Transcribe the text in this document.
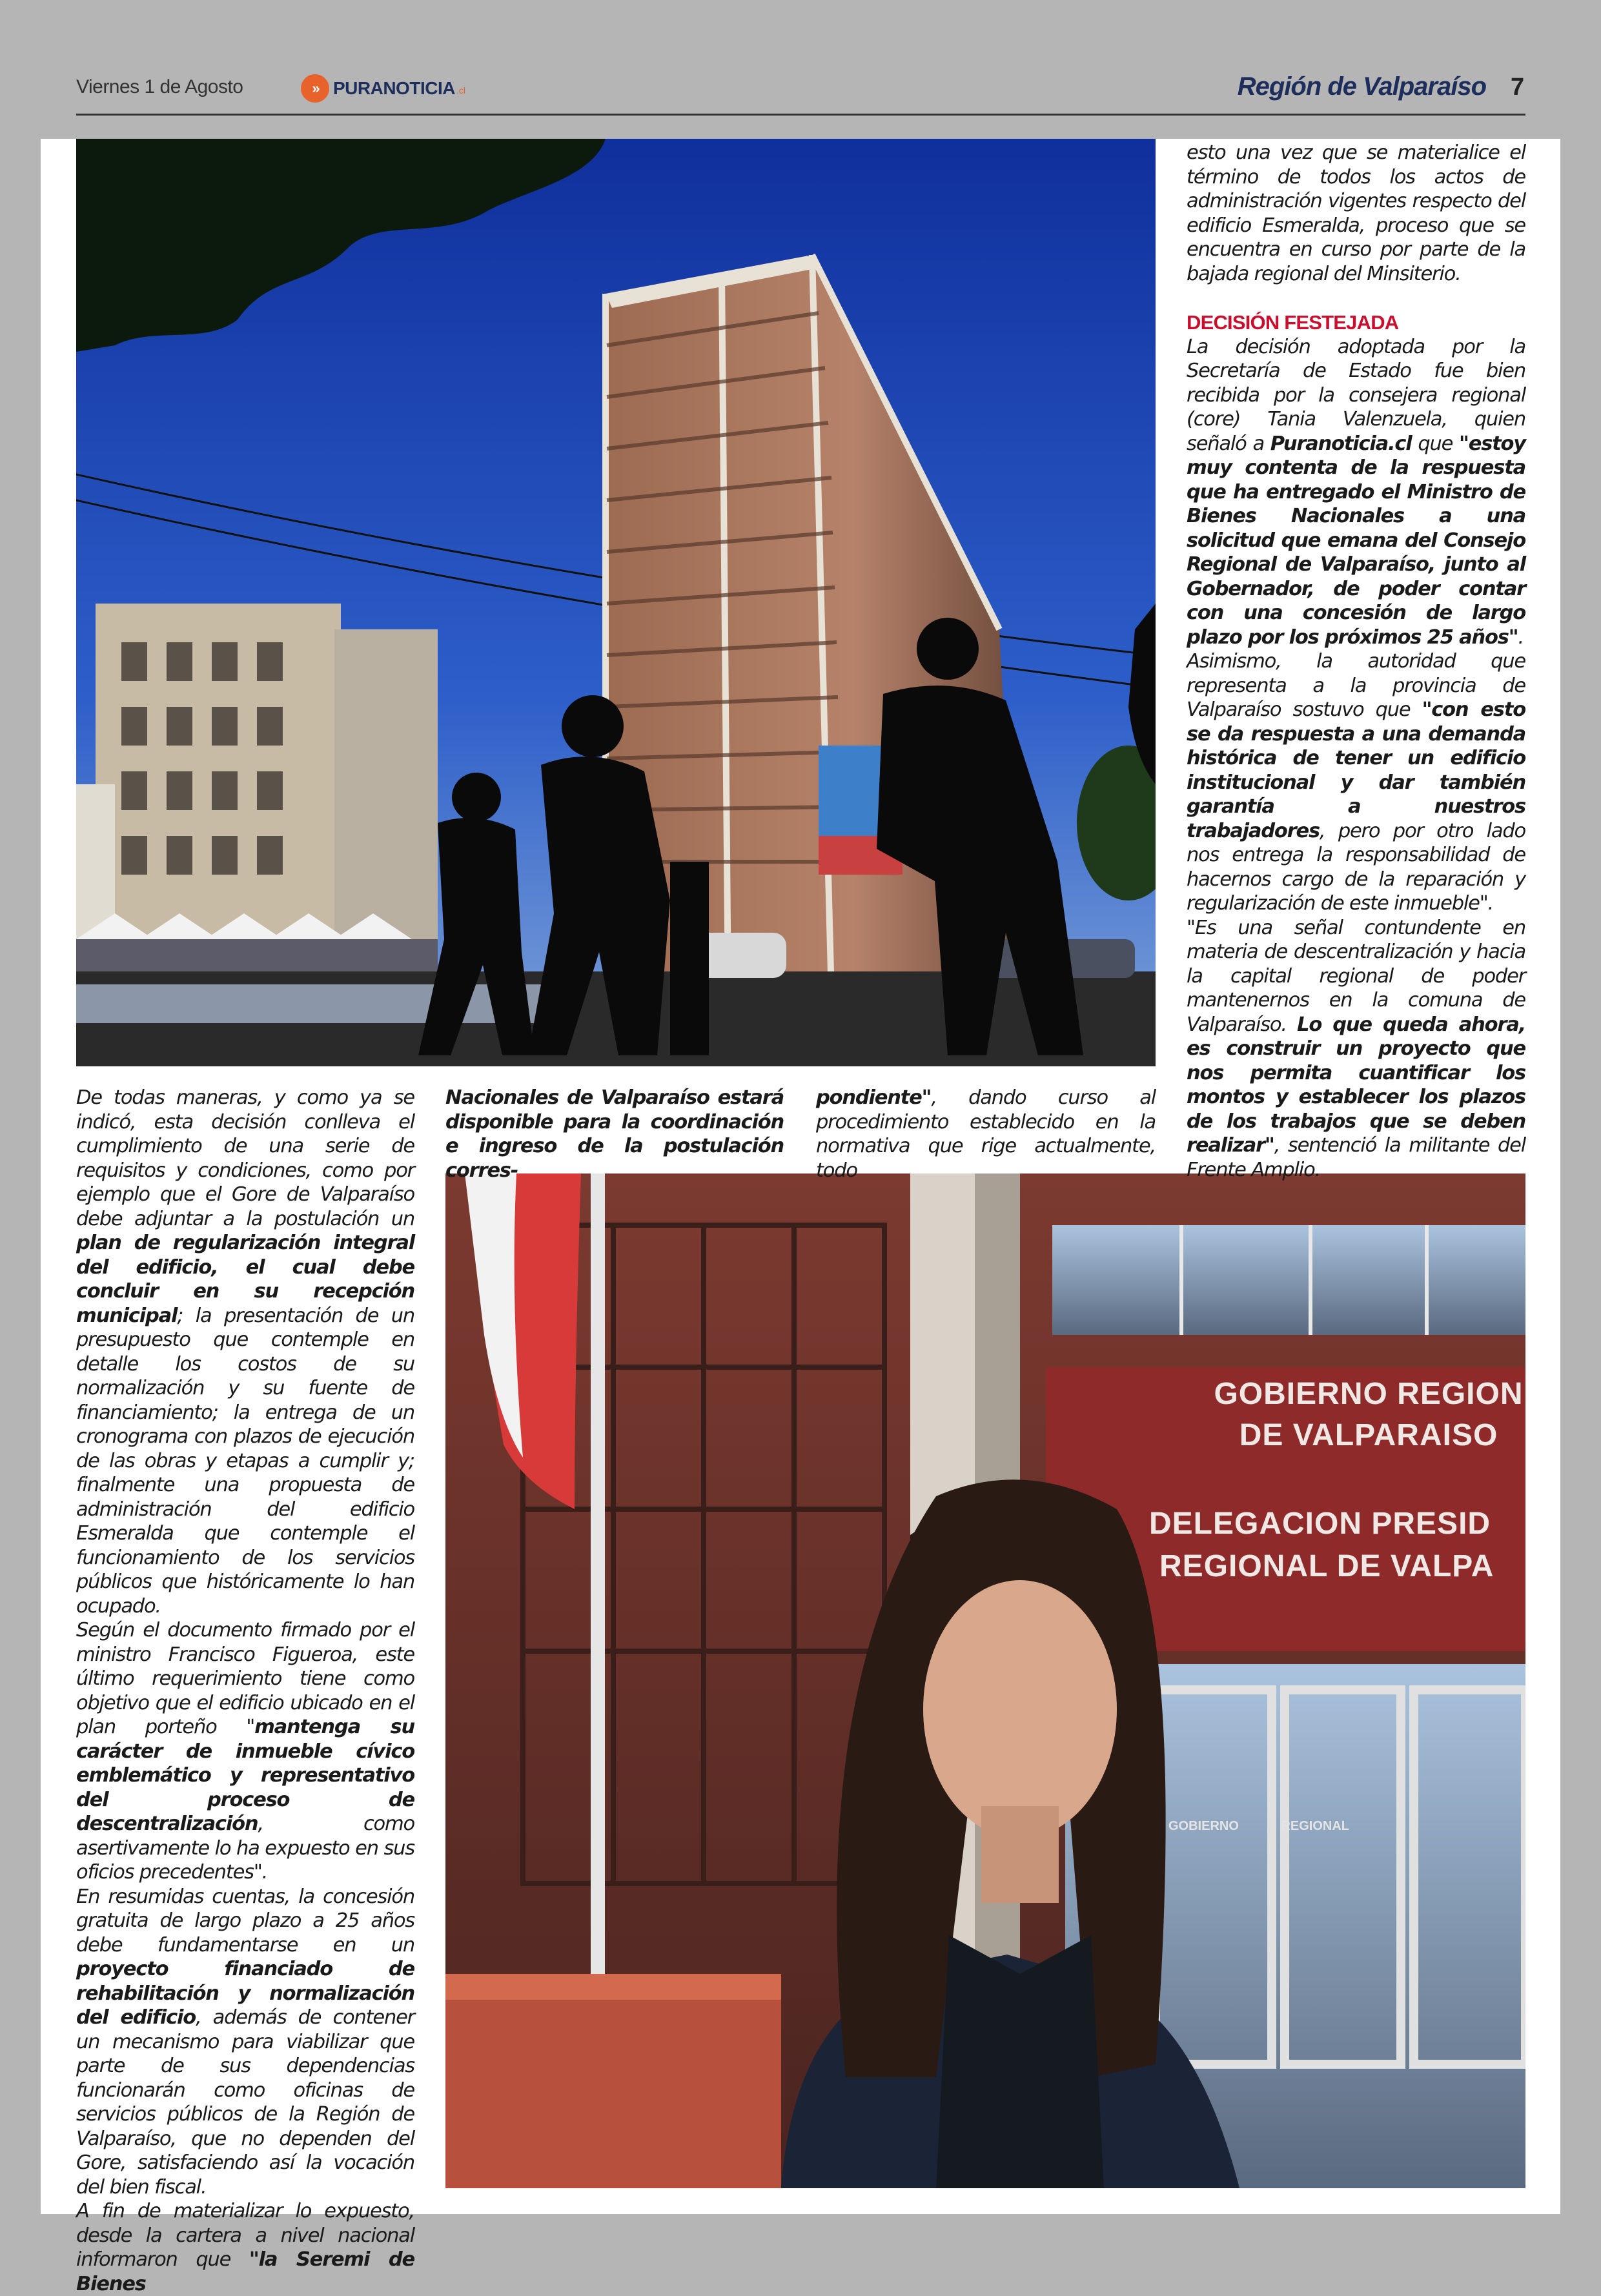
Viernes 1 de Agosto	» PURANOTICIA .cl	Región de Valparaíso 7
GOBIERNO REGION
DE VALPARAISO
DELEGACION PRESID
REGIONAL DE VALPA
GOBIERNO	REGIONAL

esto una vez que se materialice el término de todos los actos de administración vigentes respecto del edificio Esmeralda, proceso que se encuentra en curso por parte de la bajada regional del Minsiterio.

DECISIÓN FESTEJADA

La decisión adoptada por la Secretaría de Estado fue bien recibida por la consejera regional (core) Tania Valenzuela, quien señaló a Puranoticia.cl que "estoy muy contenta de la respuesta que ha entregado el Ministro de Bienes Nacionales a una solicitud que emana del Consejo Regional de Valparaíso, junto al Gobernador, de poder contar con una concesión de largo plazo por los próximos 25 años".

Asimismo, la autoridad que representa a la provincia de Valparaíso sostuvo que "con esto se da respuesta a una demanda histórica de tener un edificio institucional y dar también garantía a nuestros trabajadores, pero por otro lado nos entrega la responsabilidad de hacernos cargo de la reparación y regularización de este inmueble".

"Es una señal contundente en materia de descentralización y hacia la capital regional de poder mantenernos en la comuna de Valparaíso. Lo que queda ahora, es construir un proyecto que nos permita cuantificar los montos y establecer los plazos de los trabajos que se deben realizar", sentenció la militante del Frente Amplio.

De todas maneras, y como ya se indicó, esta decisión conlleva el cumplimiento de una serie de requisitos y condiciones, como por ejemplo que el Gore de Valparaíso debe adjuntar a la postulación un plan de regularización integral del edificio, el cual debe concluir en su recepción municipal; la presentación de un presupuesto que contemple en detalle los costos de su normalización y su fuente de financiamiento; la entrega de un cronograma con plazos de ejecución de las obras y etapas a cumplir y; finalmente una propuesta de administración del edificio Esmeralda que contemple el funcionamiento de los servicios públicos que históricamente lo han ocupado.

Según el documento firmado por el ministro Francisco Figueroa, este último requerimiento tiene como objetivo que el edificio ubicado en el plan porteño "mantenga su carácter de inmueble cívico emblemático y representativo del proceso de descentralización, como asertivamente lo ha expuesto en sus oficios precedentes".

En resumidas cuentas, la concesión gratuita de largo plazo a 25 años debe fundamentarse en un proyecto financiado de rehabilitación y normalización del edificio, además de contener un mecanismo para viabilizar que parte de sus dependencias funcionarán como oficinas de servicios públicos de la Región de Valparaíso, que no dependen del Gore, satisfaciendo así la vocación del bien fiscal.

A fin de materializar lo expuesto, desde la cartera a nivel nacional informaron que "la Seremi de Bienes

Nacionales de Valparaíso estará disponible para la coordinación e ingreso de la postulación corres-

pondiente", dando curso al procedimiento establecido en la normativa que rige actualmente, todo
